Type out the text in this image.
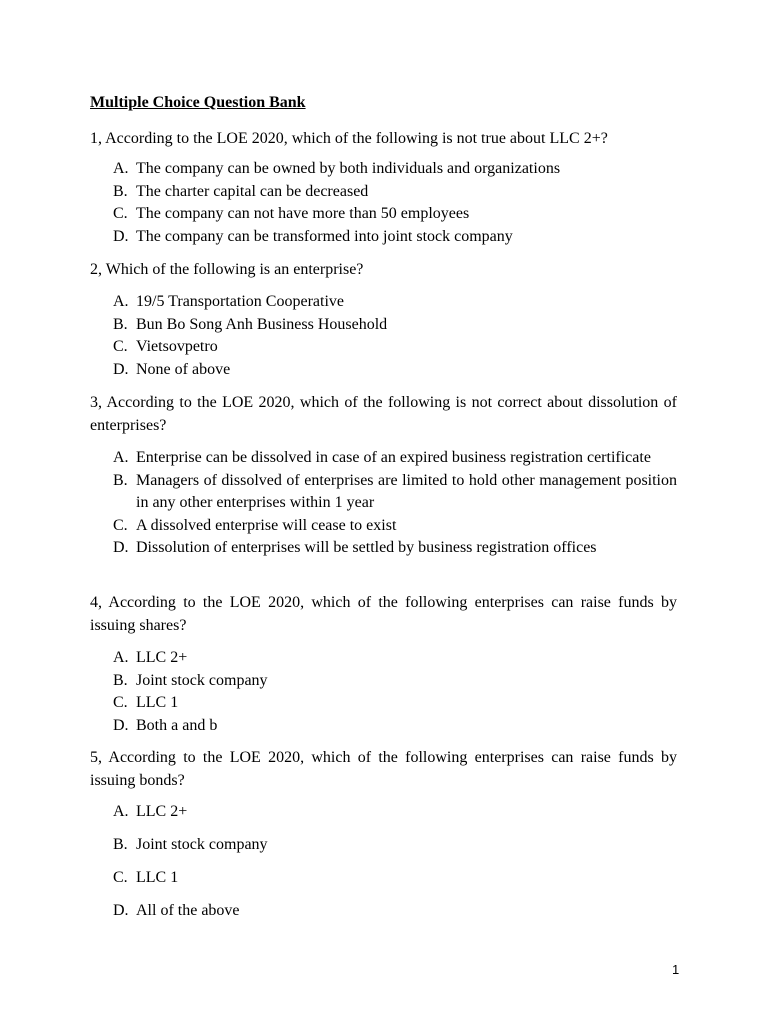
Multiple Choice Question Bank
1, According to the LOE 2020, which of the following is not true about LLC 2+?
A. The company can be owned by both individuals and organizations
B. The charter capital can be decreased
C. The company can not have more than 50 employees
D. The company can be transformed into joint stock company
2, Which of the following is an enterprise?
A. 19/5 Transportation Cooperative
B. Bun Bo Song Anh Business Household
C. Vietsovpetro
D. None of above
3, According to the LOE 2020, which of the following is not correct about dissolution of enterprises?
A. Enterprise can be dissolved in case of an expired business registration certificate
B. Managers of dissolved of enterprises are limited to hold other management position in any other enterprises within 1 year
C. A dissolved enterprise will cease to exist
D. Dissolution of enterprises will be settled by business registration offices
4, According to the LOE 2020, which of the following enterprises can raise funds by issuing shares?
A. LLC 2+
B. Joint stock company
C. LLC 1
D. Both a and b
5, According to the LOE 2020, which of the following enterprises can raise funds by issuing bonds?
A. LLC 2+
B. Joint stock company
C. LLC 1
D. All of the above
1
